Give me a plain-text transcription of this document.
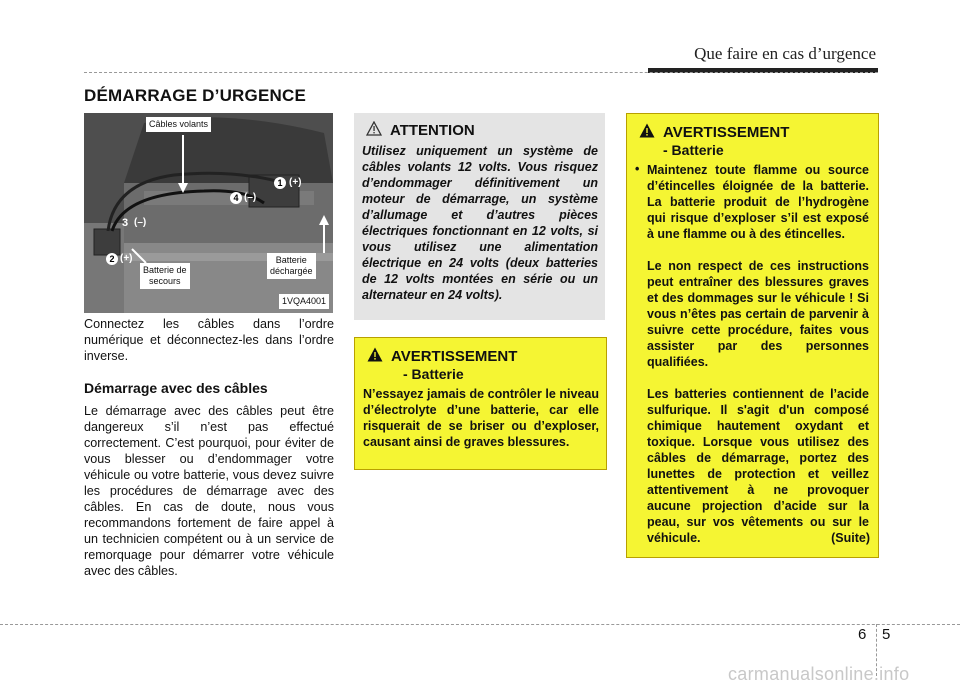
Que faire en cas d’urgence
DÉMARRAGE D’URGENCE
Câbles volants
Batterie de
secours
Batterie
déchargée
1VQA4001
1 (+)
4 (–)
3 (–)
2 (+)
Connectez les câbles dans l’ordre numérique et déconnectez-les dans l’ordre inverse.
Démarrage avec des câbles
Le démarrage avec des câbles peut être dangereux s’il n’est pas effectué correctement. C’est pourquoi, pour éviter de vous blesser ou d’endommager votre véhicule ou votre batterie, vous devez suivre les procédures de démarrage avec des câbles. En cas de doute, nous vous recommandons fortement de faire appel à un technicien compétent ou à un service de remorquage pour démarrer votre véhicule avec des câbles.
ATTENTION
Utilisez uniquement un système de câbles volants 12 volts. Vous risquez d’endommager définitivement un moteur de démarrage, un système d’allumage et d’autres pièces électriques fonctionnant en 12 volts, si vous utilisez une alimentation électrique en 24 volts (deux batteries de 12 volts montées en série ou un alternateur en 24 volts).
AVERTISSEMENT
- Batterie
N’essayez jamais de contrôler le niveau d’électrolyte d’une batterie, car elle risquerait de se briser ou d’exploser, causant ainsi de graves blessures.
AVERTISSEMENT
- Batterie
• Maintenez toute flamme ou source d’étincelles éloignée de la batterie. La batterie produit de l’hydrogène qui risque d’exploser s’il est exposé à une flamme ou à des étincelles.
Le non respect de ces instructions peut entraîner des blessures graves et des dommages sur le véhicule ! Si vous n’êtes pas certain de parvenir à suivre cette procédure, faites vous assister par des personnes qualifiées.
Les batteries contiennent de l’acide sulfurique. Il s'agit d'un composé chimique hautement oxydant et toxique. Lorsque vous utilisez des câbles de démarrage, portez des lunettes de protection et veillez attentivement à ne provoquer aucune projection d’acide sur la peau, sur vos vêtements ou sur le véhicule.	(Suite)
6 5
carmanualsonline.info
